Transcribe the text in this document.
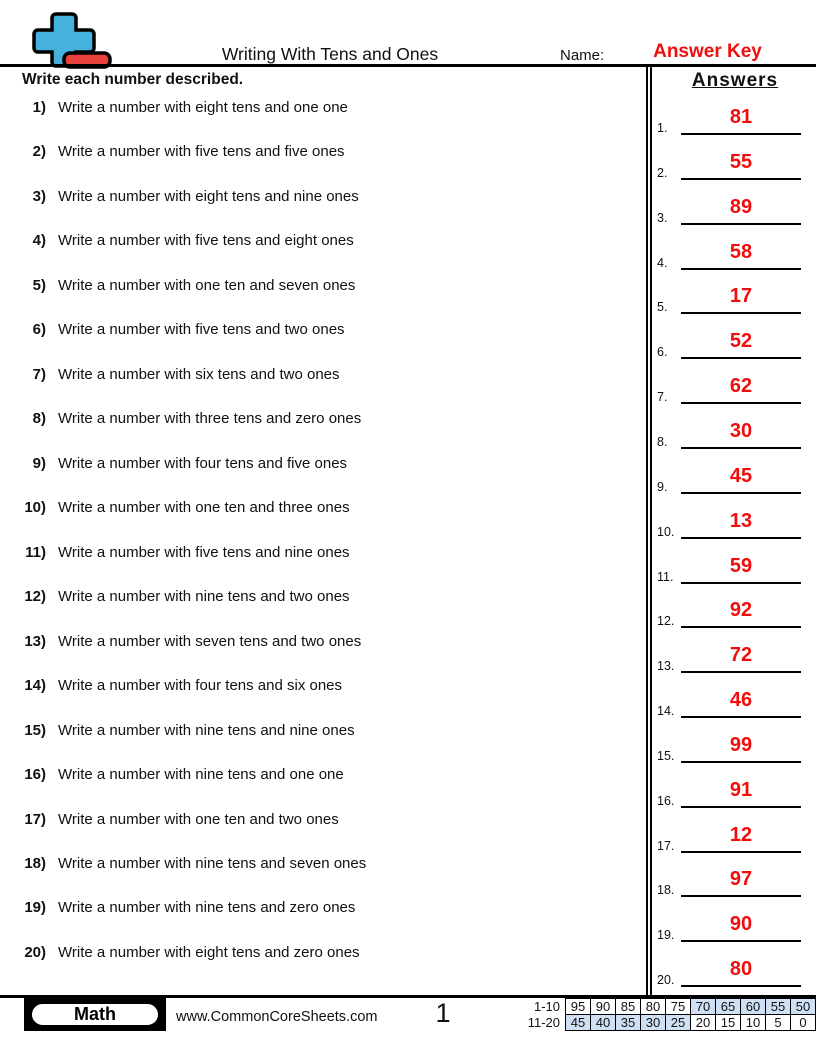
Writing With Tens and Ones	Name:	Answer Key
Write each number described.	Answers
1) Write a number with eight tens and one one
2) Write a number with five tens and five ones
3) Write a number with eight tens and nine ones
4) Write a number with five tens and eight ones
5) Write a number with one ten and seven ones
6) Write a number with five tens and two ones
7) Write a number with six tens and two ones
8) Write a number with three tens and zero ones
9) Write a number with four tens and five ones
10) Write a number with one ten and three ones
11) Write a number with five tens and nine ones
12) Write a number with nine tens and two ones
13) Write a number with seven tens and two ones
14) Write a number with four tens and six ones
15) Write a number with nine tens and nine ones
16) Write a number with nine tens and one one
17) Write a number with one ten and two ones
18) Write a number with nine tens and seven ones
19) Write a number with nine tens and zero ones
20) Write a number with eight tens and zero ones
1.	81
2.	55
3.	89
4.	58
5.	17
6.	52
7.	62
8.	30
9.	45
10.	13
11.	59
12.	92
13.	72
14.	46
15.	99
16.	91
17.	12
18.	97
19.	90
20.	80
Math	www.CommonCoreSheets.com	1	1-10	95	90	85	80	75	70	65	60	55	50
11-20	45	40	35	30	25	20	15	10	5	0
